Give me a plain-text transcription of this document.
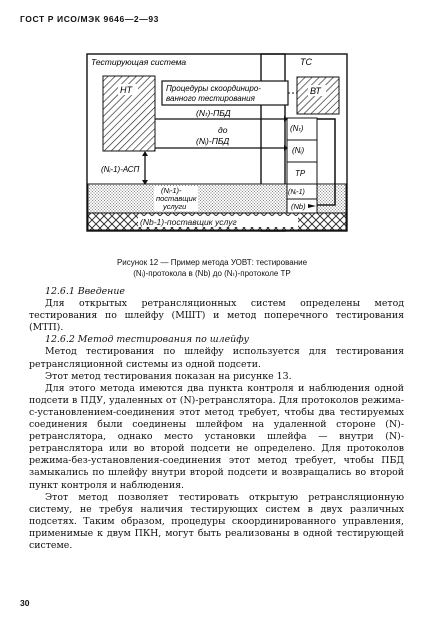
ГОСТ Р ИСО/МЭК 9646—2—93
(Nb-1)-поставщик услуг
(Nᵢ-1)-
поставщик
услуги
НТ	Процедуры скоординиро-
ванного тестирования
ВТ
(Nₜ)
(Nᵢ)
ТР
(Nᵢ-1)
(Nb)
(Nₜ)-ПБД
до
(Nᵢ)-ПБД
(Nᵢ-1)-АСП
Тестирующая система	ТС
Рисунок 12 — Пример метода УОВТ: тестирование
(Nᵢ)-протокола в (Nb) до (Nₜ)-протоколе ТР

12.6.1 Введение

Для открытых ретрансляционных систем определены метод тестирования по шлейфу (МШТ) и метод поперечного тестирования (МТП).

12.6.2 Метод тестирования по шлейфу

Метод тестирования по шлейфу используется для тестирования ретрансляционной системы из одной подсети.

Этот метод тестирования показан на рисунке 13.

Для этого метода имеются два пункта контроля и наблюдения одной подсети в ПДУ, удаленных от (N)-ретранслятора. Для протоколов режима-с-установлением-соединения этот метод требует, чтобы два тестируемых соединения были соединены шлейфом на удаленной стороне (N)-ретранслятора, однако место установки шлейфа — внутри (N)-ретранслятора или во второй подсети не определено. Для протоколов режима-без-установления-соединения этот метод требует, чтобы ПБД замыкались по шлейфу внутри второй подсети и возвращались во второй пункт контроля и наблюдения.

Этот метод позволяет тестировать открытую ретрансляционную систему, не требуя наличия тестирующих систем в двух различных подсетях. Таким образом, процедуры скоординированного управления, применимые к двум ПКН, могут быть реализованы в одной тестирующей системе.

30
